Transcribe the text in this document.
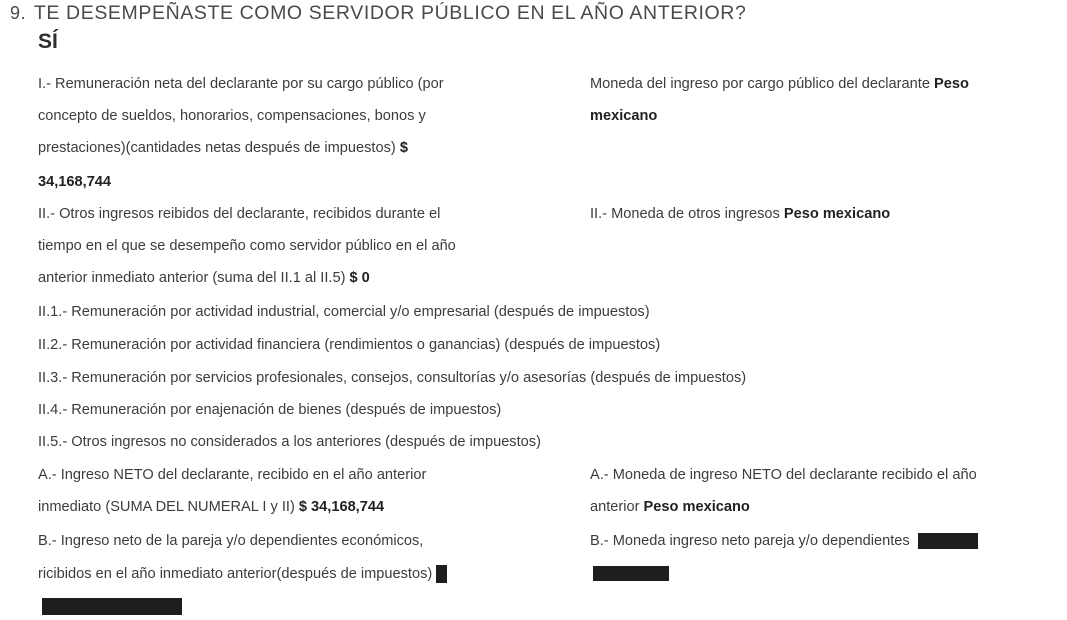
9. TE DESEMPEÑASTE COMO SERVIDOR PÚBLICO EN EL AÑO ANTERIOR?
SÍ
I.- Remuneración neta del declarante por su cargo público (por
concepto de sueldos, honorarios, compensaciones, bonos y
prestaciones)(cantidades netas después de impuestos) $
34,168,744
Moneda del ingreso por cargo público del declarante Peso
mexicano
II.- Otros ingresos reibidos del declarante, recibidos durante el
tiempo en el que se desempeño como servidor público en el año
anterior inmediato anterior (suma del II.1 al II.5) $ 0
II.- Moneda de otros ingresos Peso mexicano
II.1.- Remuneración por actividad industrial, comercial y/o empresarial (después de impuestos)
II.2.- Remuneración por actividad financiera (rendimientos o ganancias) (después de impuestos)
II.3.- Remuneración por servicios profesionales, consejos, consultorías y/o asesorías (después de impuestos)
II.4.- Remuneración por enajenación de bienes (después de impuestos)
II.5.- Otros ingresos no considerados a los anteriores (después de impuestos)
A.- Ingreso NETO del declarante, recibido en el año anterior
inmediato (SUMA DEL NUMERAL I y II) $ 34,168,744
A.- Moneda de ingreso NETO del declarante recibido el año
anterior Peso mexicano
B.- Ingreso neto de la pareja y/o dependientes económicos,
ricibidos en el año inmediato anterior(después de impuestos)
B.- Moneda ingreso neto pareja y/o dependientes
